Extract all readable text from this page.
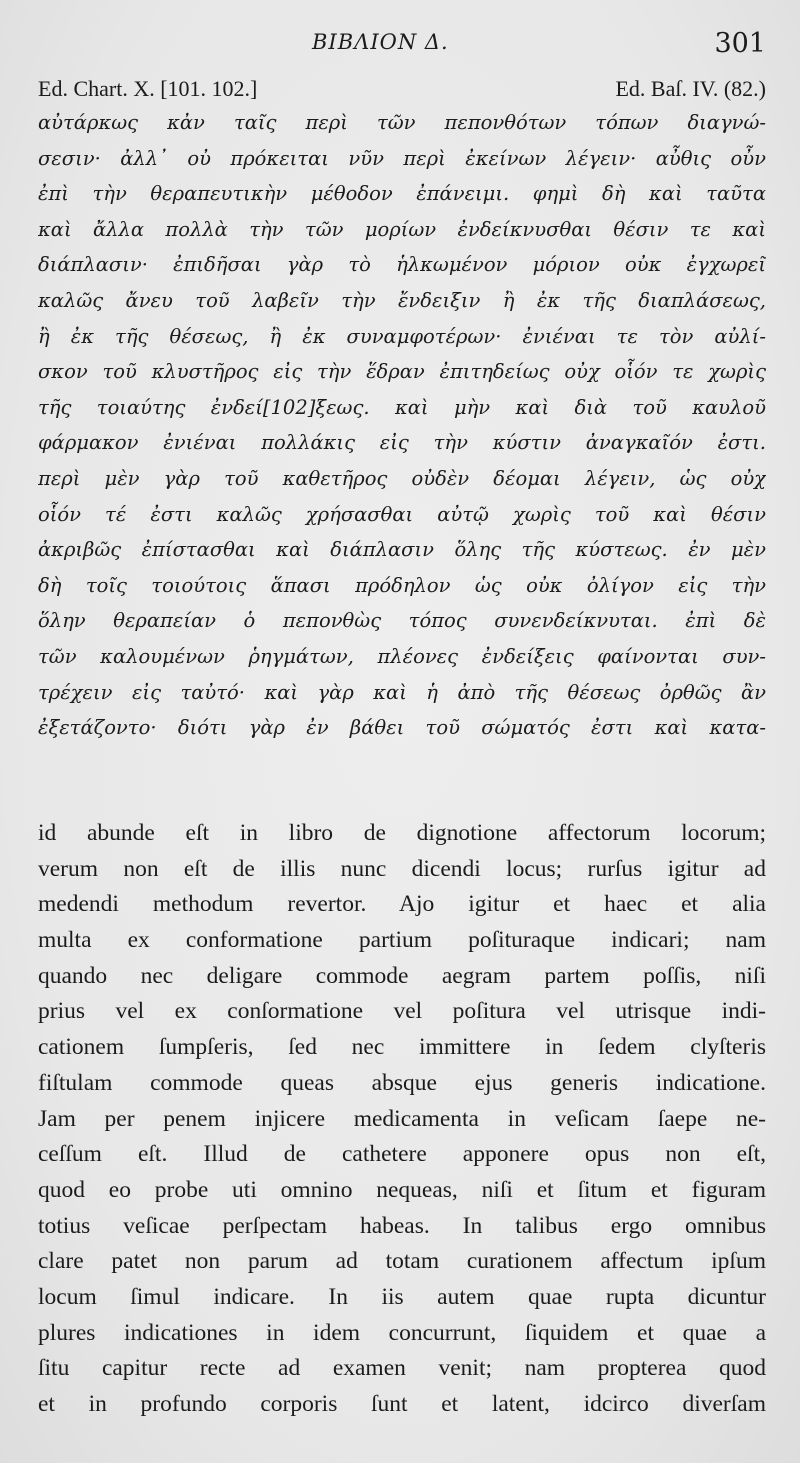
BIBΛION Δ.	301
Ed. Chart. X. [101. 102.]	Ed. Baſ. IV. (82.)
αὐτάρκως κἀν ταῖς περὶ τῶν πεπονθότων τόπων διαγνώ-
σεσιν· ἀλλ᾽ οὐ πρόκειται νῦν περὶ ἐκείνων λέγειν· αὖθις οὖν
ἐπὶ τὴν θεραπευτικὴν μέθοδον ἐπάνειμι. φημὶ δὴ καὶ ταῦτα
καὶ ἄλλα πολλὰ τὴν τῶν μορίων ἐνδείκνυσθαι θέσιν τε καὶ
διάπλασιν· ἐπιδῆσαι γὰρ τὸ ἡλκωμένον μόριον οὐκ ἐγχωρεῖ
καλῶς ἄνευ τοῦ λαβεῖν τὴν ἔνδειξιν ἢ ἐκ τῆς διαπλάσεως,
ἢ ἐκ τῆς θέσεως, ἢ ἐκ συναμφοτέρων· ἐνιέναι τε τὸν αὐλί-
σκον τοῦ κλυστῆρος εἰς τὴν ἕδραν ἐπιτηδείως οὐχ οἷόν τε χωρὶς
τῆς τοιαύτης ἐνδεί[102]ξεως. καὶ μὴν καὶ διὰ τοῦ καυλοῦ
φάρμακον ἐνιέναι πολλάκις εἰς τὴν κύστιν ἀναγκαῖόν ἐστι.
περὶ μὲν γὰρ τοῦ καθετῆρος οὐδὲν δέομαι λέγειν, ὡς οὐχ
οἷόν τέ ἐστι καλῶς χρήσασθαι αὐτῷ χωρὶς τοῦ καὶ θέσιν
ἀκριβῶς ἐπίστασθαι καὶ διάπλασιν ὅλης τῆς κύστεως. ἐν μὲν
δὴ τοῖς τοιούτοις ἅπασι πρόδηλον ὡς οὐκ ὀλίγον εἰς τὴν
ὅλην θεραπείαν ὁ πεπονθὼς τόπος συνενδείκνυται. ἐπὶ δὲ
τῶν καλουμένων ῥηγμάτων, πλέονες ἐνδείξεις φαίνονται συν-
τρέχειν εἰς ταὐτό· καὶ γὰρ καὶ ἡ ἀπὸ τῆς θέσεως ὀρθῶς ἂν
ἐξετάζοντο· διότι γὰρ ἐν βάθει τοῦ σώματός ἐστι καὶ κατα-
id abunde eſt in libro de dignotione affectorum locorum;
verum non eſt de illis nunc dicendi locus; rurſus igitur ad
medendi methodum revertor. Ajo igitur et haec et alia
multa ex conformatione partium poſituraque indicari; nam
quando nec deligare commode aegram partem poſſis, niſi
prius vel ex conſormatione vel poſitura vel utrisque indi-
cationem ſumpſeris, ſed nec immittere in ſedem clyſteris
fiſtulam commode queas absque ejus generis indicatione.
Jam per penem injicere medicamenta in veſicam ſaepe ne-
ceſſum eſt. Illud de cathetere apponere opus non eſt,
quod eo probe uti omnino nequeas, niſi et ſitum et figuram
totius veſicae perſpectam habeas. In talibus ergo omnibus
clare patet non parum ad totam curationem affectum ipſum
locum ſimul indicare. In iis autem quae rupta dicuntur
plures indicationes in idem concurrunt, ſiquidem et quae a
ſitu capitur recte ad examen venit; nam propterea quod
et in profundo corporis ſunt et latent, idcirco diverſam
